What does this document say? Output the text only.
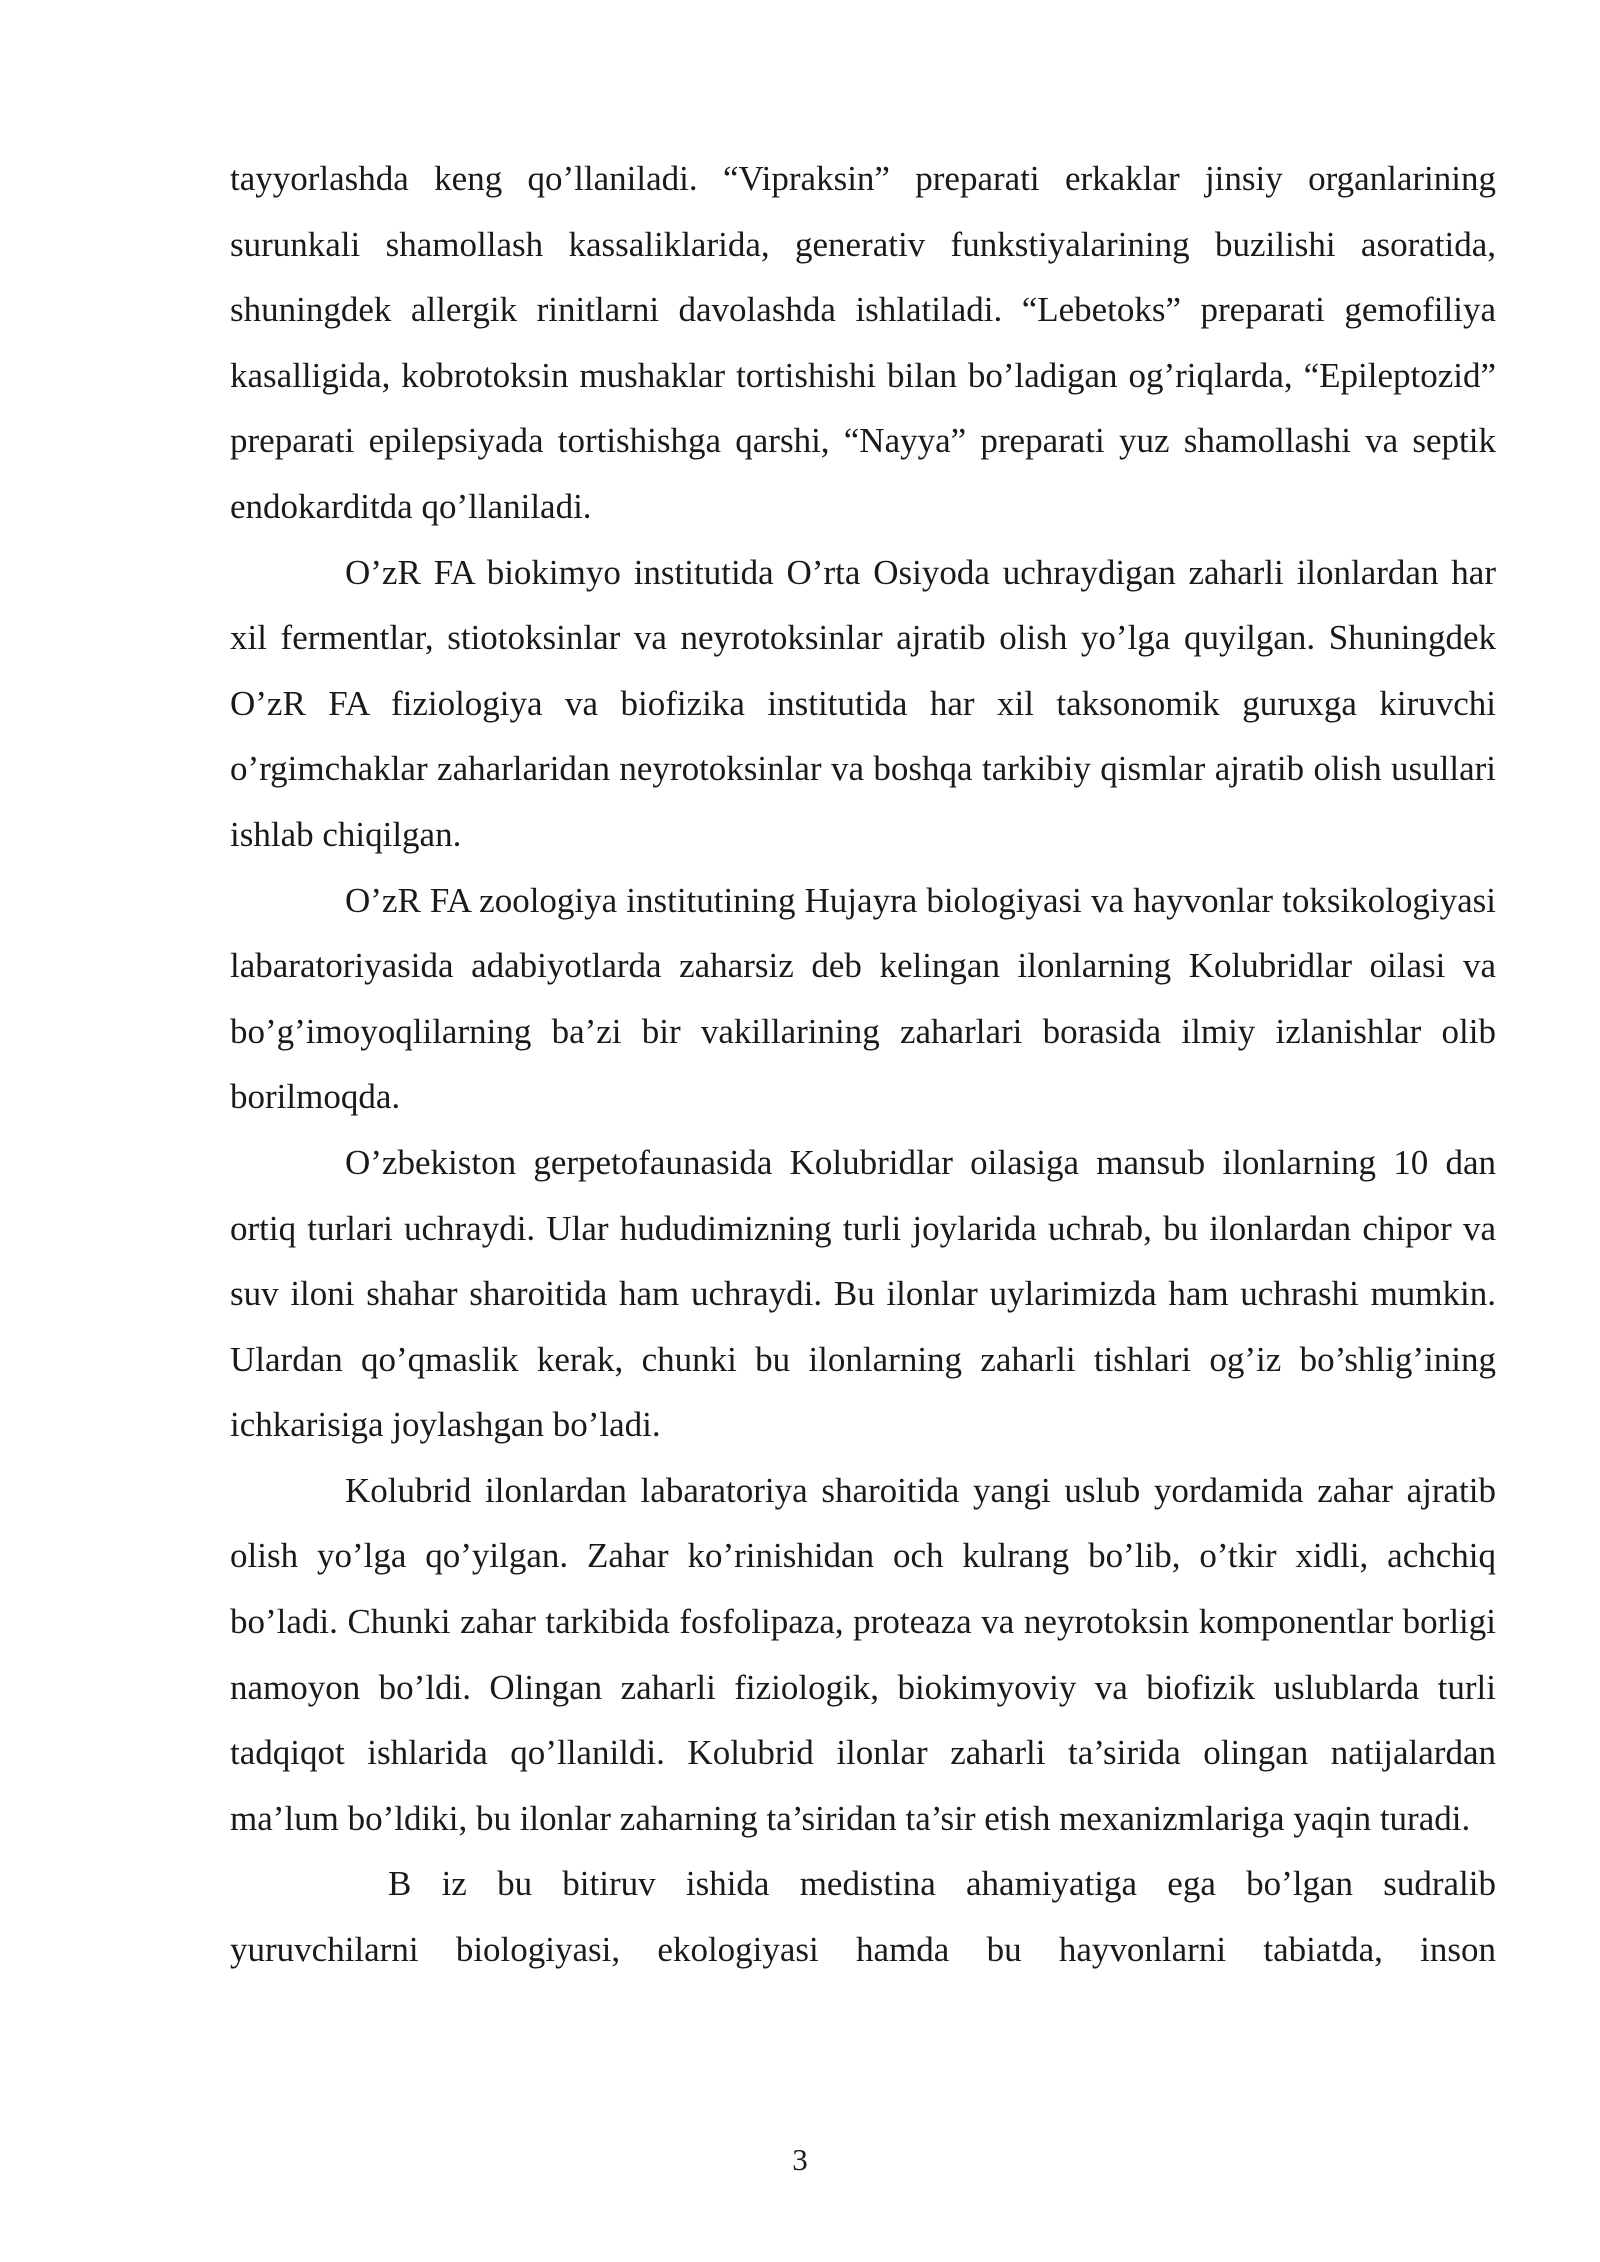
tayyorlashda keng qo’llaniladi. “Vipraksin” preparati erkaklar jinsiy organlarining surunkali shamollash kassaliklarida, generativ funkstiyalarining buzilishi asoratida, shuningdek allergik rinitlarni davolashda ishlatiladi. “Lebetoks” preparati gemofiliya kasalligida, kobrotoksin mushaklar tortishishi bilan bo’ladigan og’riqlarda, “Epileptozid” preparati epilepsiyada tortishishga qarshi, “Nayya” preparati yuz shamollashi va septik endokarditda qo’llaniladi.

O’zR FA biokimyo institutida O’rta Osiyoda uchraydigan zaharli ilonlardan har xil fermentlar, stiotoksinlar va neyrotoksinlar ajratib olish yo’lga quyilgan. Shuningdek O’zR FA fiziologiya va biofizika institutida har xil taksonomik guruxga kiruvchi o’rgimchaklar zaharlaridan neyrotoksinlar va boshqa tarkibiy qismlar ajratib olish usullari ishlab chiqilgan.

O’zR FA zoologiya institutining Hujayra biologiyasi va hayvonlar toksikologiyasi labaratoriyasida adabiyotlarda zaharsiz deb kelingan ilonlarning Kolubridlar oilasi va bo’g’imoyoqlilarning ba’zi bir vakillarining zaharlari borasida ilmiy izlanishlar olib borilmoqda.

O’zbekiston gerpetofaunasida Kolubridlar oilasiga mansub ilonlarning 10 dan ortiq turlari uchraydi. Ular hududimizning turli joylarida uchrab, bu ilonlardan chipor va suv iloni shahar sharoitida ham uchraydi. Bu ilonlar uylarimizda ham uchrashi mumkin. Ulardan qo’qmaslik kerak, chunki bu ilonlarning zaharli tishlari og’iz bo’shlig’ining ichkarisiga joylashgan bo’ladi.

Kolubrid ilonlardan labaratoriya sharoitida yangi uslub yordamida zahar ajratib olish yo’lga qo’yilgan. Zahar ko’rinishidan och kulrang bo’lib, o’tkir xidli, achchiq bo’ladi. Chunki zahar tarkibida fosfolipaza, proteaza va neyrotoksin komponentlar borligi namoyon bo’ldi. Olingan zaharli fiziologik, biokimyoviy va biofizik uslublarda turli tadqiqot ishlarida qo’llanildi. Kolubrid ilonlar zaharli ta’sirida olingan natijalardan ma’lum bo’ldiki, bu ilonlar zaharning ta’siridan ta’sir etish mexanizmlariga yaqin turadi.

B iz bu bitiruv ishida medistina ahamiyatiga ega bo’lgan sudralib yuruvchilarni biologiyasi, ekologiyasi hamda bu hayvonlarni tabiatda, inson

3
